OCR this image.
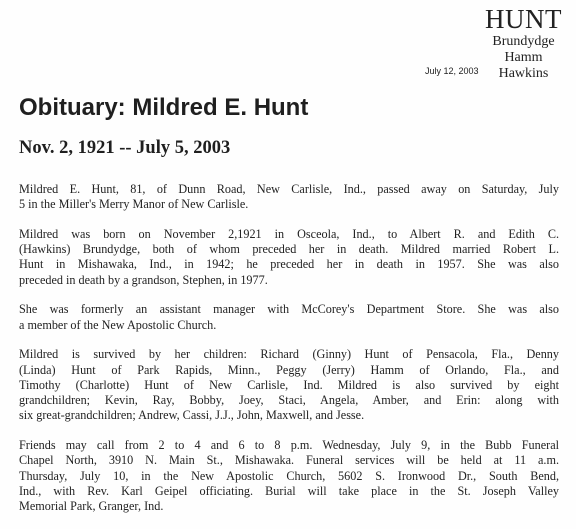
HUNT
Brundydge
Hamm
Hawkins
July 12, 2003
Obituary: Mildred E. Hunt
Nov. 2, 1921 -- July 5, 2003

Mildred E. Hunt, 81, of Dunn Road, New Carlisle, Ind., passed away on Saturday, July
5 in the Miller's Merry Manor of New Carlisle.

Mildred was born on November 2,1921 in Osceola, Ind., to Albert R. and Edith C.
(Hawkins) Brundydge, both of whom preceded her in death. Mildred married Robert L.
Hunt in Mishawaka, Ind., in 1942; he preceded her in death in 1957. She was also
preceded in death by a grandson, Stephen, in 1977.

She was formerly an assistant manager with McCorey's Department Store. She was also
a member of the New Apostolic Church.

Mildred is survived by her children: Richard (Ginny) Hunt of Pensacola, Fla., Denny
(Linda) Hunt of Park Rapids, Minn., Peggy (Jerry) Hamm of Orlando, Fla., and
Timothy (Charlotte) Hunt of New Carlisle, Ind. Mildred is also survived by eight
grandchildren; Kevin, Ray, Bobby, Joey, Staci, Angela, Amber, and Erin: along with
six great-grandchildren; Andrew, Cassi, J.J., John, Maxwell, and Jesse.

Friends may call from 2 to 4 and 6 to 8 p.m. Wednesday, July 9, in the Bubb Funeral
Chapel North, 3910 N. Main St., Mishawaka. Funeral services will be held at 11 a.m.
Thursday, July 10, in the New Apostolic Church, 5602 S. Ironwood Dr., South Bend,
Ind., with Rev. Karl Geipel officiating. Burial will take place in the St. Joseph Valley
Memorial Park, Granger, Ind.
